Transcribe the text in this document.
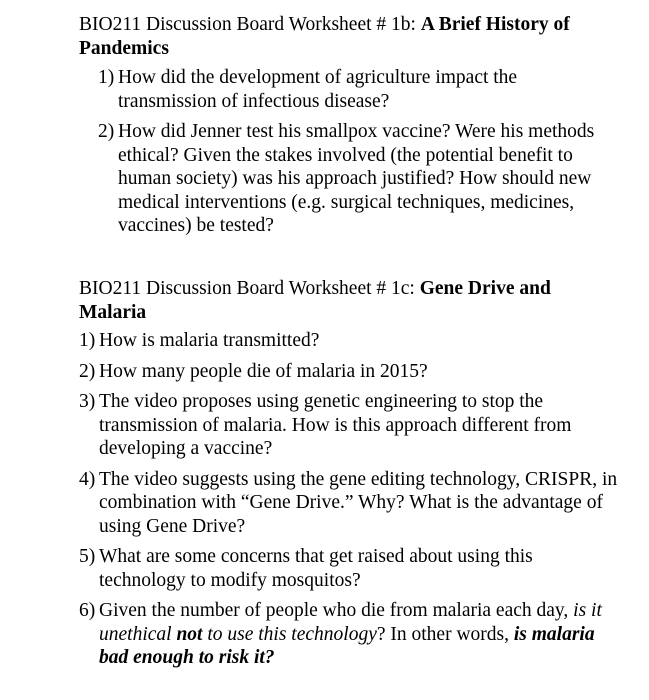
BIO211 Discussion Board Worksheet # 1b: A Brief History of Pandemics

1) How did the development of agriculture impact the transmission of infectious disease?
2) How did Jenner test his smallpox vaccine? Were his methods ethical? Given the stakes involved (the potential benefit to human society) was his approach justified? How should new medical interventions (e.g. surgical techniques, medicines, vaccines) be tested?

BIO211 Discussion Board Worksheet # 1c: Gene Drive and Malaria

1) How is malaria transmitted?
2) How many people die of malaria in 2015?
3) The video proposes using genetic engineering to stop the transmission of malaria. How is this approach different from developing a vaccine?
4) The video suggests using the gene editing technology, CRISPR, in combination with “Gene Drive.” Why? What is the advantage of using Gene Drive?
5) What are some concerns that get raised about using this technology to modify mosquitos?
6) Given the number of people who die from malaria each day, is it unethical not to use this technology? In other words, is malaria bad enough to risk it?
